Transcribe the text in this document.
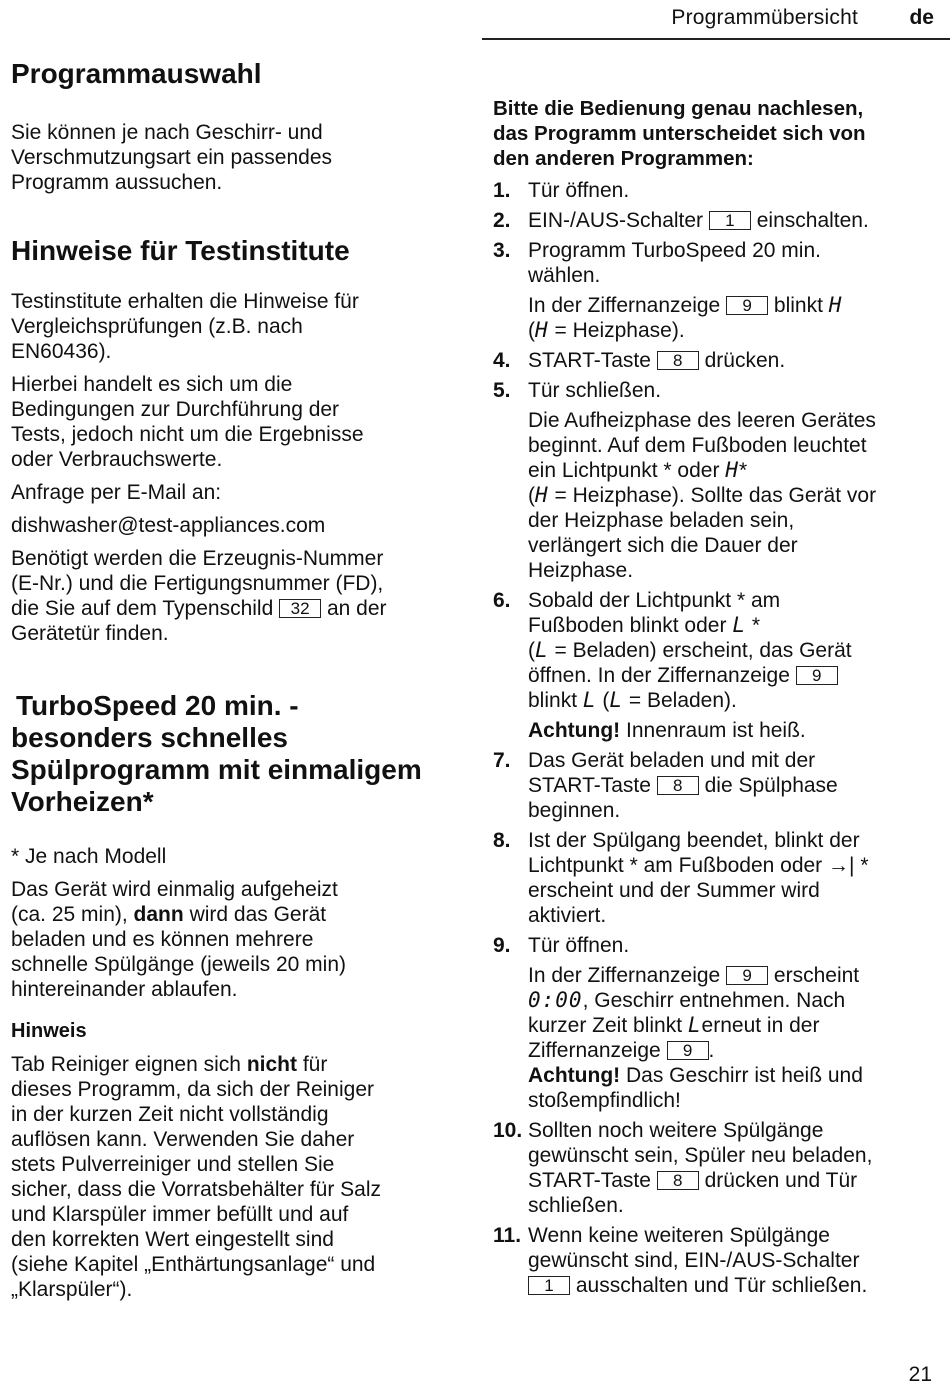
Programmübersicht de
Programmauswahl
Sie können je nach Geschirr- und
Verschmutzungsart ein passendes
Programm aussuchen.
Hinweise für Testinstitute
Testinstitute erhalten die Hinweise für
Vergleichsprüfungen (z.B. nach
EN60436).
Hierbei handelt es sich um die
Bedingungen zur Durchführung der
Tests, jedoch nicht um die Ergebnisse
oder Verbrauchswerte.
Anfrage per E-Mail an:
dishwasher@test-appliances.com
Benötigt werden die Erzeugnis-Nummer
(E-Nr.) und die Fertigungsnummer (FD),
die Sie auf dem Typenschild 32 an der
Gerätetür finden.
TurboSpeed 20 min. -
besonders schnelles
Spülprogramm mit einmaligem
Vorheizen*
* Je nach Modell
Das Gerät wird einmalig aufgeheizt
(ca. 25 min), dann wird das Gerät
beladen und es können mehrere
schnelle Spülgänge (jeweils 20 min)
hintereinander ablaufen.
Hinweis
Tab Reiniger eignen sich nicht für
dieses Programm, da sich der Reiniger
in der kurzen Zeit nicht vollständig
auflösen kann. Verwenden Sie daher
stets Pulverreiniger und stellen Sie
sicher, dass die Vorratsbehälter für Salz
und Klarspüler immer befüllt und auf
den korrekten Wert eingestellt sind
(siehe Kapitel „Enthärtungsanlage“ und
„Klarspüler“).
Bitte die Bedienung genau nachlesen,
das Programm unterscheidet sich von
den anderen Programmen:
1. Tür öffnen.
2. EIN-/AUS-Schalter 1 einschalten.
3. Programm TurboSpeed 20 min.
wählen.
In der Ziffernanzeige 9 blinkt H
(H = Heizphase).
4. START-Taste 8 drücken.
5. Tür schließen.
Die Aufheizphase des leeren Gerätes
beginnt. Auf dem Fußboden leuchtet
ein Lichtpunkt * oder H*
(H = Heizphase). Sollte das Gerät vor
der Heizphase beladen sein,
verlängert sich die Dauer der
Heizphase.
6. Sobald der Lichtpunkt * am
Fußboden blinkt oder L *
(L = Beladen) erscheint, das Gerät
öffnen. In der Ziffernanzeige 9
blinkt L (L = Beladen).
Achtung! Innenraum ist heiß.
7. Das Gerät beladen und mit der
START-Taste 8 die Spülphase
beginnen.
8. Ist der Spülgang beendet, blinkt der
Lichtpunkt * am Fußboden oder →| *
erscheint und der Summer wird
aktiviert.
9. Tür öffnen.
In der Ziffernanzeige 9 erscheint
0:00, Geschirr entnehmen. Nach
kurzer Zeit blinkt Lerneut in der
Ziffernanzeige 9 .
Achtung! Das Geschirr ist heiß und
stoßempfindlich!
10. Sollten noch weitere Spülgänge
gewünscht sein, Spüler neu beladen,
START-Taste 8 drücken und Tür
schließen.
11. Wenn keine weiteren Spülgänge
gewünscht sind, EIN-/AUS-Schalter
1 ausschalten und Tür schließen.
21
